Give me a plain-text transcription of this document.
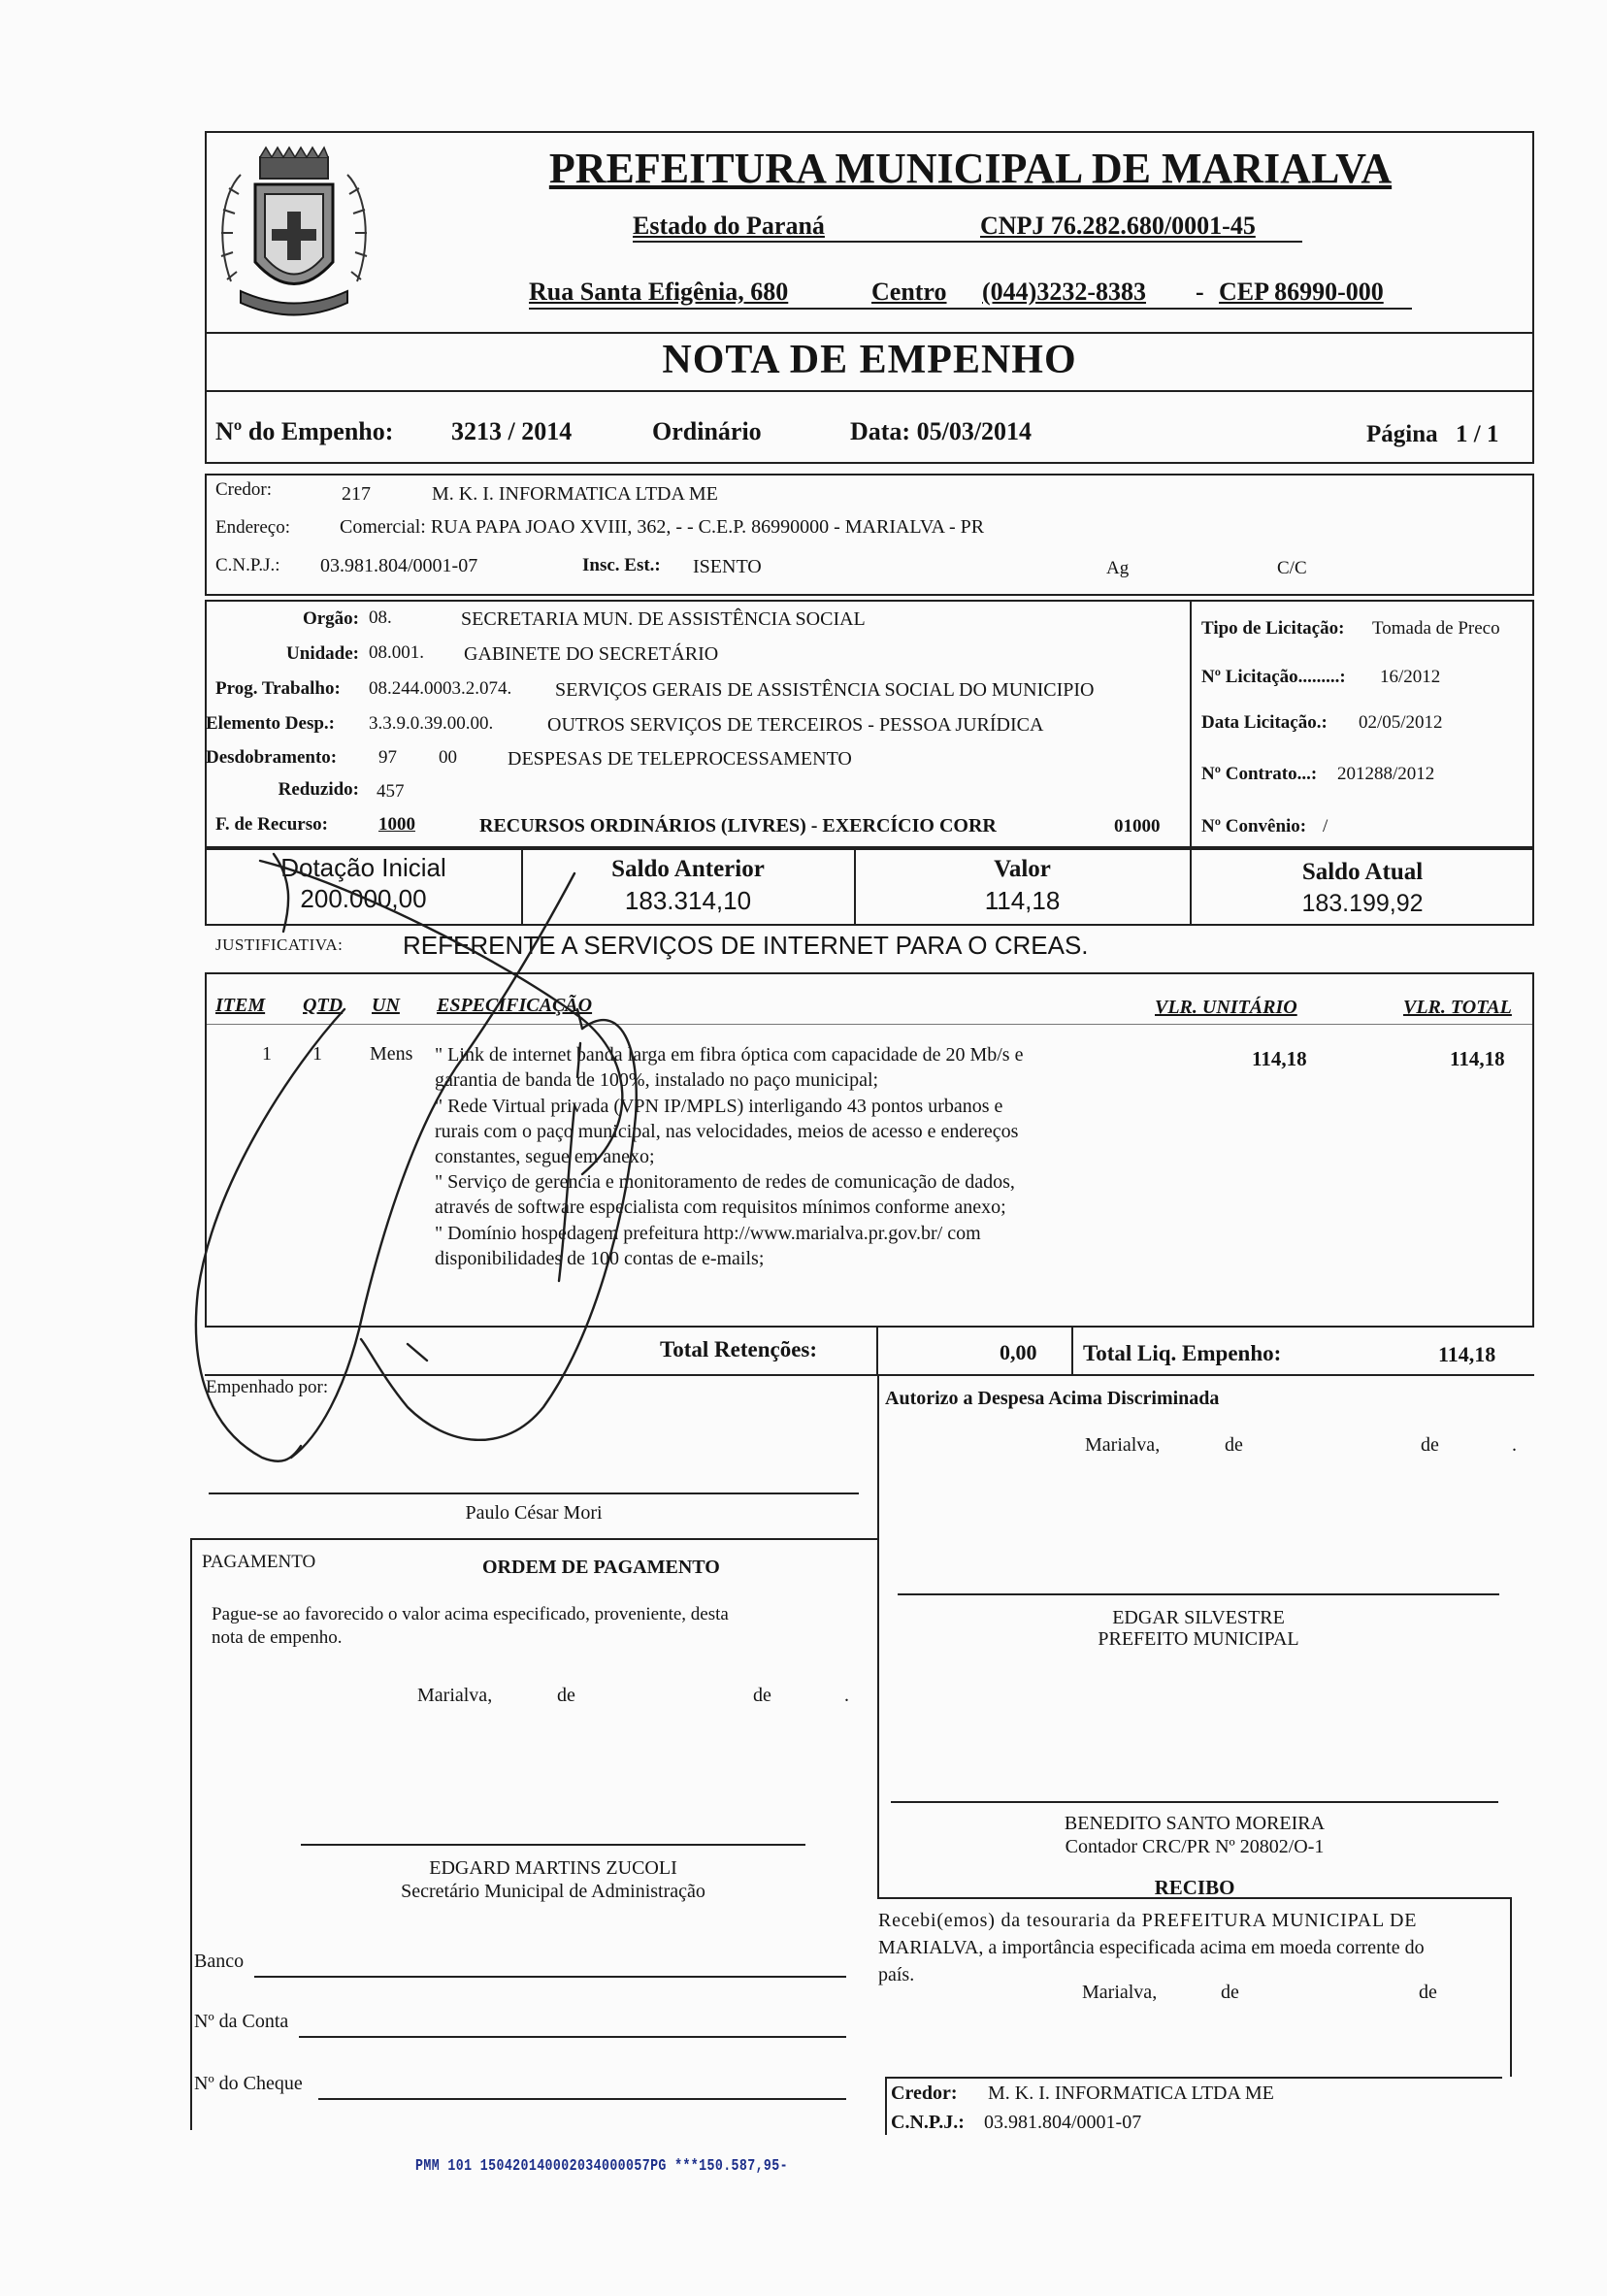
PREFEITURA MUNICIPAL DE MARIALVA
Estado do Paraná	CNPJ 76.282.680/0001-45
Rua Santa Efigênia, 680	Centro (044)3232-8383 - CEP 86990-000
NOTA DE EMPENHO
Nº do Empenho: 3213 / 2014	Ordinário	Data: 05/03/2014	Página 1 / 1
Credor:	217	M. K. I. INFORMATICA LTDA ME
Endereço:	Comercial: RUA PAPA JOAO XVIII, 362, - - C.E.P. 86990000 - MARIALVA - PR
C.N.P.J.: 03.981.804/0001-07	Insc. Est.: ISENTO	Ag	C/C
Orgão: 08.	SECRETARIA MUN. DE ASSISTÊNCIA SOCIAL
Unidade: 08.001. GABINETE DO SECRETÁRIO
Prog. Trabalho: 08.244.0003.2.074. SERVIÇOS GERAIS DE ASSISTÊNCIA SOCIAL DO MUNICIPIO
Elemento Desp.: 3.3.9.0.39.00.00.	OUTROS SERVIÇOS DE TERCEIROS - PESSOA JURÍDICA
Desdobramento: 97 00	DESPESAS DE TELEPROCESSAMENTO
Reduzido: 457
F. de Recurso:	1000	RECURSOS ORDINÁRIOS (LIVRES) - EXERCÍCIO CORR	01000
Tipo de Licitação: Tomada de Preco
Nº Licitação.........: 16/2012
Data Licitação.: 02/05/2012
Nº Contrato...: 201288/2012
Nº Convênio: /
Dotação Inicial
200.000,00
Saldo Anterior
183.314,10
Valor
114,18
Saldo Atual
183.199,92
JUSTIFICATIVA: REFERENTE A SERVIÇOS DE INTERNET PARA O CREAS.
ITEM QTD UN ESPECIFICAÇÃO	VLR. UNITÁRIO	VLR. TOTAL
1 1 Mens	114,18	114,18
" Link de internet banda larga em fibra óptica com capacidade de 20 Mb/s e
garantia de banda de 100%, instalado no paço municipal;
" Rede Virtual privada (VPN IP/MPLS) interligando 43 pontos urbanos e
rurais com o paço municipal, nas velocidades, meios de acesso e endereços
constantes, segue em anexo;
" Serviço de gerencia e monitoramento de redes de comunicação de dados,
através de software especialista com requisitos mínimos conforme anexo;
" Domínio hospedagem prefeitura http://www.marialva.pr.gov.br/ com
disponibilidades de 100 contas de e-mails;
Total Retenções:	0,00 Total Liq. Empenho:	114,18
Empenhado por:
Paulo César Mori
Autorizo a Despesa Acima Discriminada
Marialva,	de	de	.
EDGAR SILVESTRE
PREFEITO MUNICIPAL
PAGAMENTO	ORDEM DE PAGAMENTO
Pague-se ao favorecido o valor acima especificado, proveniente, desta
nota de empenho.
Marialva,	de	de	.
EDGARD MARTINS ZUCOLI
Secretário Municipal de Administração
BENEDITO SANTO MOREIRA
Contador CRC/PR Nº 20802/O-1
RECIBO
Recebi(emos) da tesouraria da PREFEITURA MUNICIPAL DE
MARIALVA, a importância especificada acima em moeda corrente do
país.
Marialva,	de	de
Banco
Nº da Conta
Nº do Cheque	Credor: M. K. I. INFORMATICA LTDA ME
C.N.P.J.: 03.981.804/0001-07
PMM 101 150420140002034000057PG ***150.587,95-
